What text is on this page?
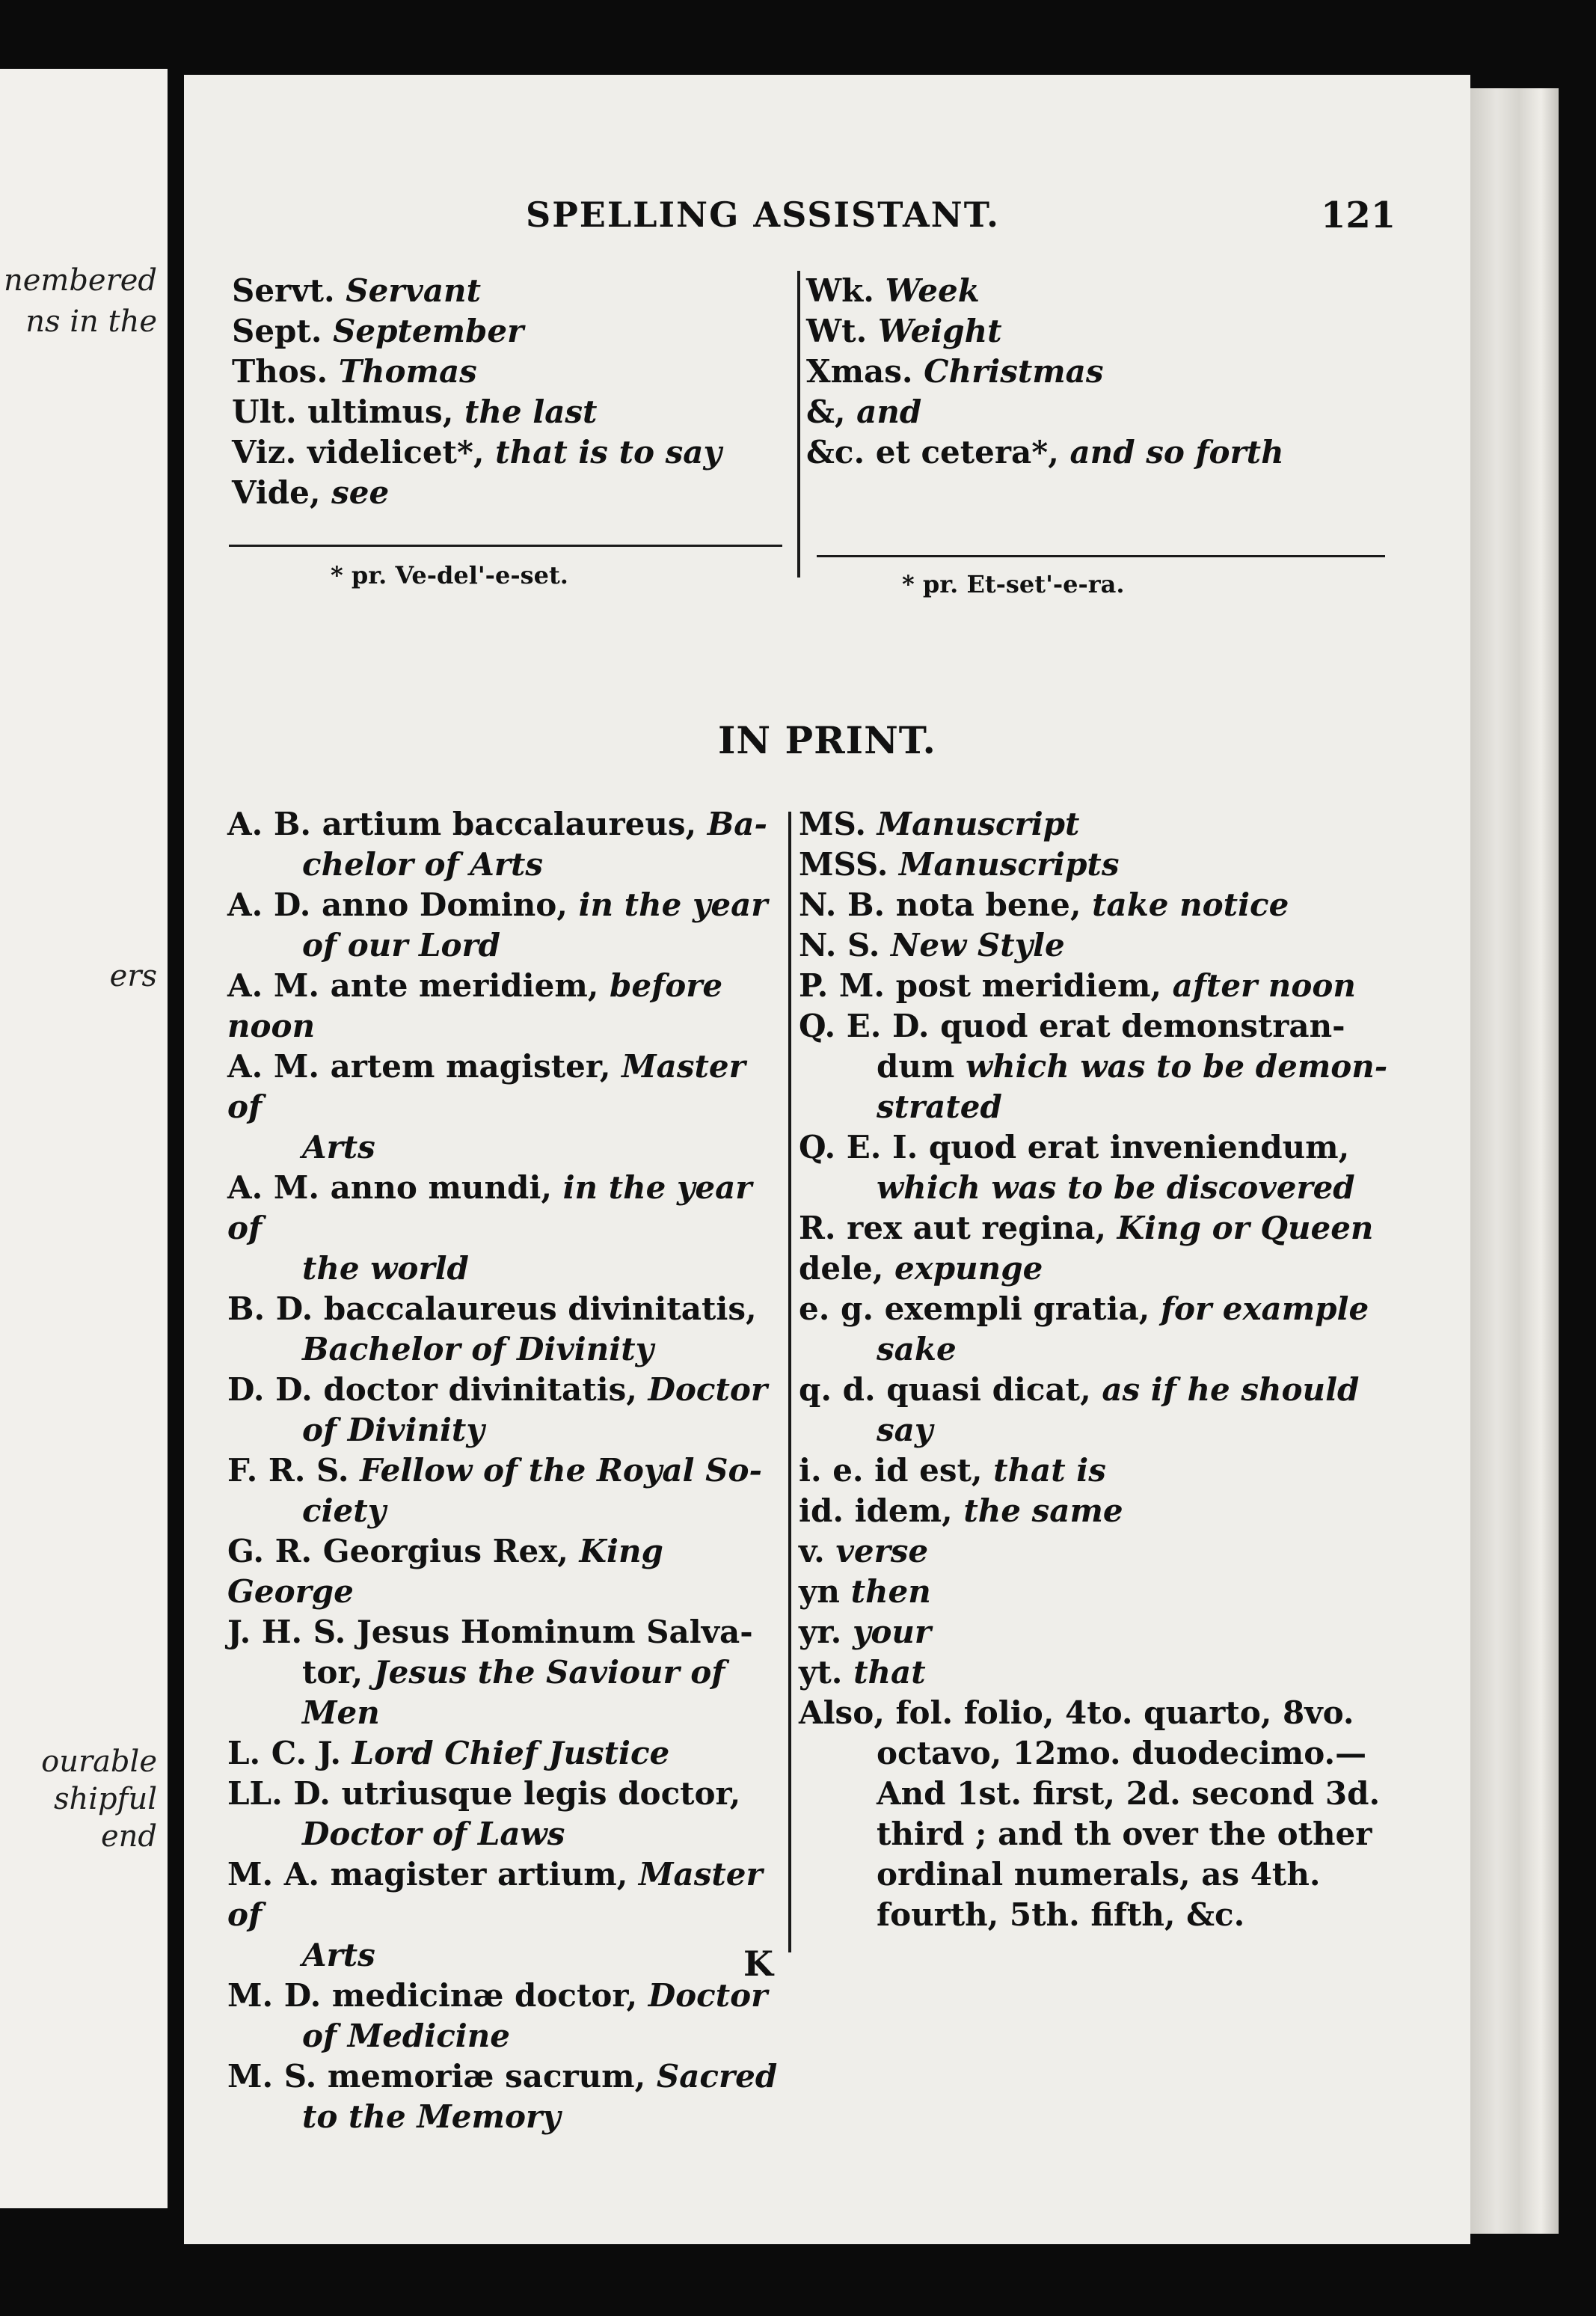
nembered
ns in the
ers
ourable
shipful
end
SPELLING ASSISTANT.	121
Servt. Servant
Sept. September
Thos. Thomas
Ult. ultimus, the last
Viz. videlicet*, that is to say
Vide, see
Wk. Week
Wt. Weight
Xmas. Christmas
&, and
&c. et cetera*, and so forth
* pr. Ve-del'-e-set.	* pr. Et-set'-e-ra.
IN PRINT.
A. B. artium baccalaureus, Ba-
chelor of Arts
A. D. anno Domino, in the year
of our Lord
A. M. ante meridiem, before noon
A. M. artem magister, Master of
Arts
A. M. anno mundi, in the year of
the world
B. D. baccalaureus divinitatis,
Bachelor of Divinity
D. D. doctor divinitatis, Doctor
of Divinity
F. R. S. Fellow of the Royal So-
ciety
G. R. Georgius Rex, King George
J. H. S. Jesus Hominum Salva-
tor, Jesus the Saviour of Men
L. C. J. Lord Chief Justice
LL. D. utriusque legis doctor,
Doctor of Laws
M. A. magister artium, Master of
Arts
M. D. medicinæ doctor, Doctor
of Medicine
M. S. memoriæ sacrum, Sacred
to the Memory
MS. Manuscript
MSS. Manuscripts
N. B. nota bene, take notice
N. S. New Style
P. M. post meridiem, after noon
Q. E. D. quod erat demonstran-
dum which was to be demon-
strated
Q. E. I. quod erat inveniendum,
which was to be discovered
R. rex aut regina, King or Queen
dele, expunge
e. g. exempli gratia, for example
sake
q. d. quasi dicat, as if he should
say
i. e. id est, that is
id. idem, the same
v. verse
yn then
yr. your
yt. that
Also, fol. folio, 4to. quarto, 8vo.
octavo, 12mo. duodecimo.—
And 1st. first, 2d. second 3d.
third ; and th over the other
ordinal numerals, as 4th.
fourth, 5th. fifth, &c.
K
